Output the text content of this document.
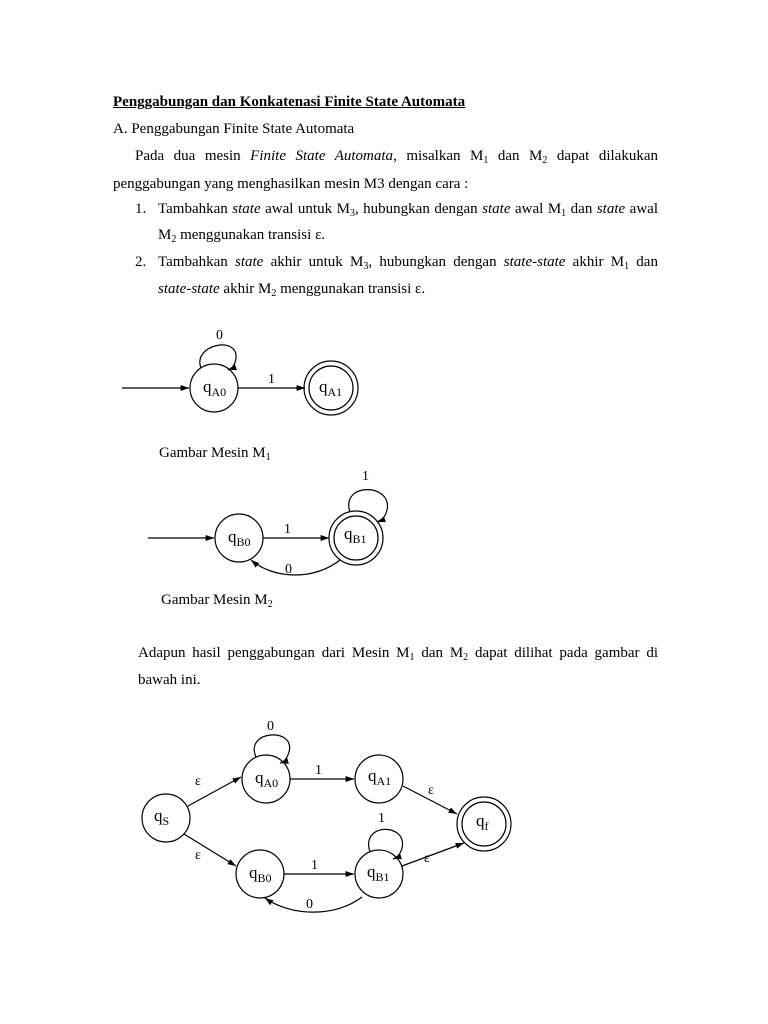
Penggabungan dan Konkatenasi Finite State Automata
A. Penggabungan Finite State Automata
Pada dua mesin Finite State Automata, misalkan $M_1$ dan $M_2$ dapat dilakukan
penggabungan yang menghasilkan mesin M3 dengan cara :
1. Tambahkan state awal untuk $M_3$, hubungkan dengan state awal $M_1$ dan state awal
$M_2$ menggunakan transisi ε.
2. Tambahkan state akhir untuk $M_3$, hubungkan dengan state-state akhir $M_1$ dan
state-state akhir $M_2$ menggunakan transisi ε.
0
1
$q_{A0}$	$q_{A1}$
1
1
0
$q_{B0}$	$q_{B1}$
0
ε
1
ε
1
ε	ε
1
0
$q_S$
$q_{A0}$	$q_{A1}$
$q_{B0}$	$q_{B1}$
$q_f$
Gambar Mesin $M_1$
Gambar Mesin $M_2$
Adapun hasil penggabungan dari Mesin $M_1$ dan $M_2$ dapat dilihat pada gambar di
bawah ini.
